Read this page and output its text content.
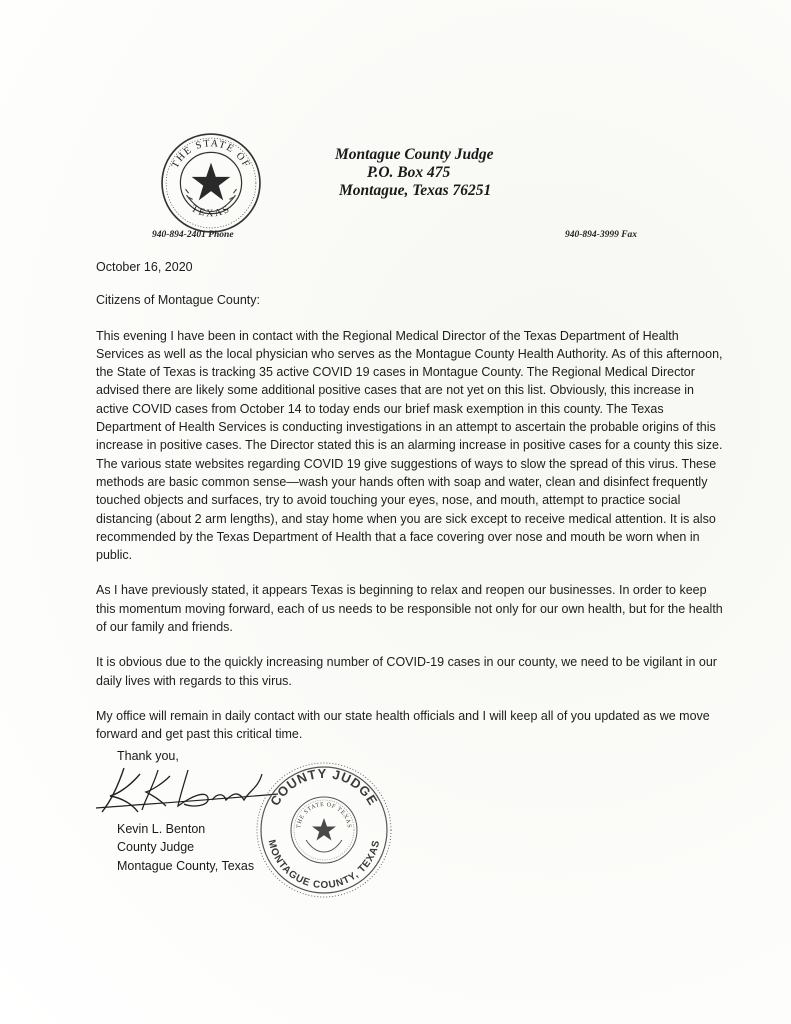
THE STATE OF
TEXAS
Montague County Judge
P.O. Box 475
Montague, Texas 76251
940-894-2401 Phone	940-894-3999 Fax

October 16, 2020

Citizens of Montague County:

This evening I have been in contact with the Regional Medical Director of the Texas Department of Health Services as well as the local physician who serves as the Montague County Health Authority. As of this afternoon, the State of Texas is tracking 35 active COVID 19 cases in Montague County. The Regional Medical Director advised there are likely some additional positive cases that are not yet on this list. Obviously, this increase in active COVID cases from October 14 to today ends our brief mask exemption in this county. The Texas Department of Health Services is conducting investigations in an attempt to ascertain the probable origins of this increase in positive cases. The Director stated this is an alarming increase in positive cases for a county this size. The various state websites regarding COVID 19 give suggestions of ways to slow the spread of this virus. These methods are basic common sense—wash your hands often with soap and water, clean and disinfect frequently touched objects and surfaces, try to avoid touching your eyes, nose, and mouth, attempt to practice social distancing (about 2 arm lengths), and stay home when you are sick except to receive medical attention. It is also recommended by the Texas Department of Health that a face covering over nose and mouth be worn when in public.

As I have previously stated, it appears Texas is beginning to relax and reopen our businesses. In order to keep this momentum moving forward, each of us needs to be responsible not only for our own health, but for the health of our family and friends.

It is obvious due to the quickly increasing number of COVID-19 cases in our county, we need to be vigilant in our daily lives with regards to this virus.

My office will remain in daily contact with our state health officials and I will keep all of you updated as we move forward and get past this critical time.

Thank you,
Kevin L. Benton
County Judge
Montague County, Texas
COUNTY JUDGE
MONTAGUE COUNTY, TEXAS
THE STATE OF TEXAS
